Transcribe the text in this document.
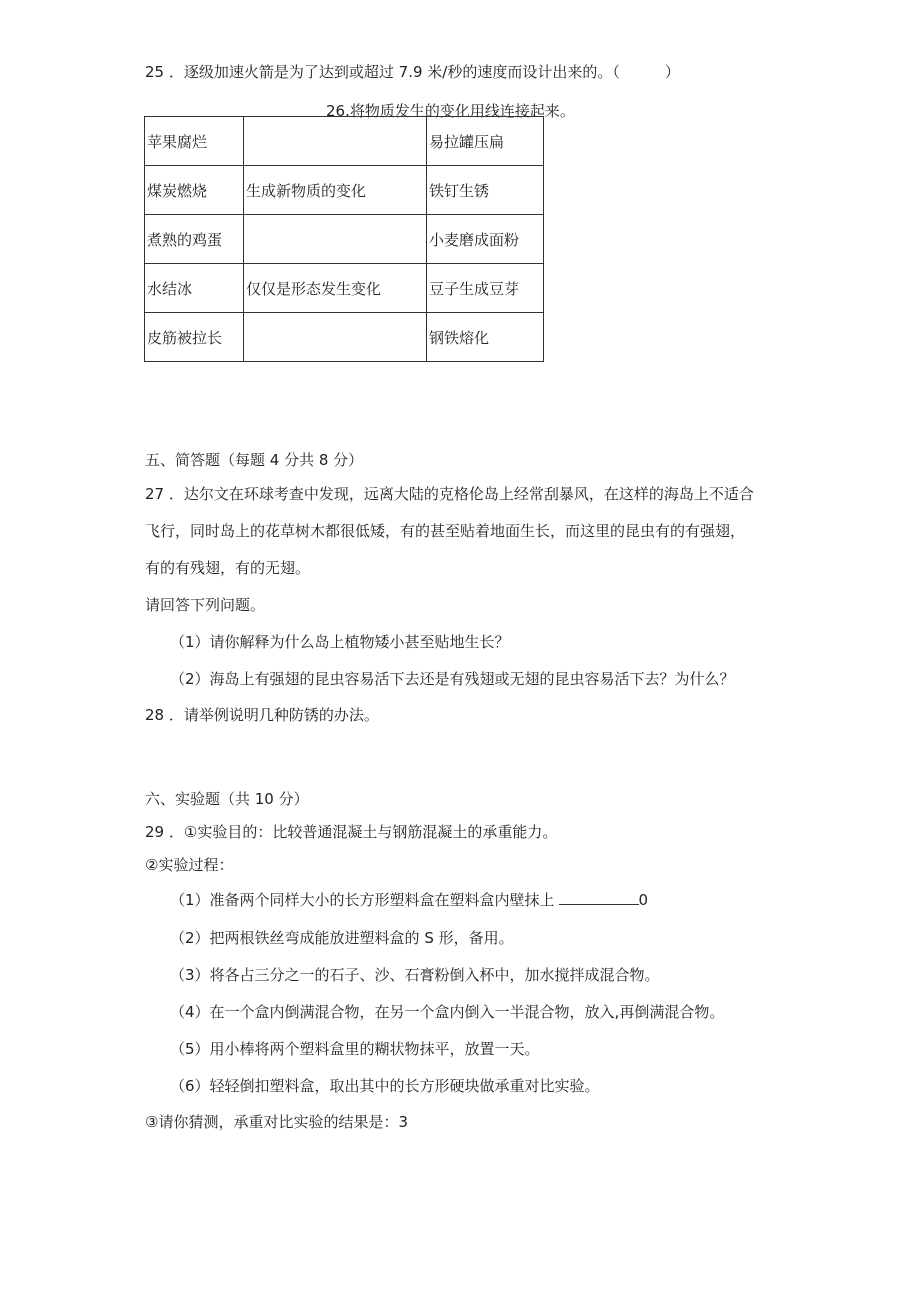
25 ．逐级加速火箭是为了达到或超过 7.9 米/秒的速度而设计出来的。（　　　）
26.将物质发生的变化用线连接起来。
苹果腐烂		易拉罐压扁
煤炭燃烧	生成新物质的变化	铁钉生锈
煮熟的鸡蛋		小麦磨成面粉
水结冰	仅仅是形态发生变化	豆子生成豆芽
皮筋被拉长		钢铁熔化
五、简答题（每题 4 分共 8 分）
27 ．达尔文在环球考查中发现，远离大陆的克格伦岛上经常刮暴风，在这样的海岛上不适合
飞行，同时岛上的花草树木都很低矮，有的甚至贴着地面生长，而这里的昆虫有的有强翅，
有的有残翅，有的无翅。
请回答下列问题。
（1）请你解释为什么岛上植物矮小甚至贴地生长？
（2）海岛上有强翅的昆虫容易活下去还是有残翅或无翅的昆虫容易活下去？为什么？
28 ．请举例说明几种防锈的办法。
六、实验题（共 10 分）
29 ．①实验目的：比较普通混凝土与钢筋混凝土的承重能力。
②实验过程：
（1）准备两个同样大小的长方形塑料盒在塑料盒内壁抹上	0
（2）把两根铁丝弯成能放进塑料盒的 S 形，备用。
（3）将各占三分之一的石子、沙、石膏粉倒入杯中，加水搅拌成混合物。
（4）在一个盒内倒满混合物，在另一个盒内倒入一半混合物，放入,再倒满混合物。
（5）用小棒将两个塑料盒里的糊状物抹平，放置一天。
（6）轻轻倒扣塑料盒，取出其中的长方形硬块做承重对比实验。
③请你猜测，承重对比实验的结果是：3
